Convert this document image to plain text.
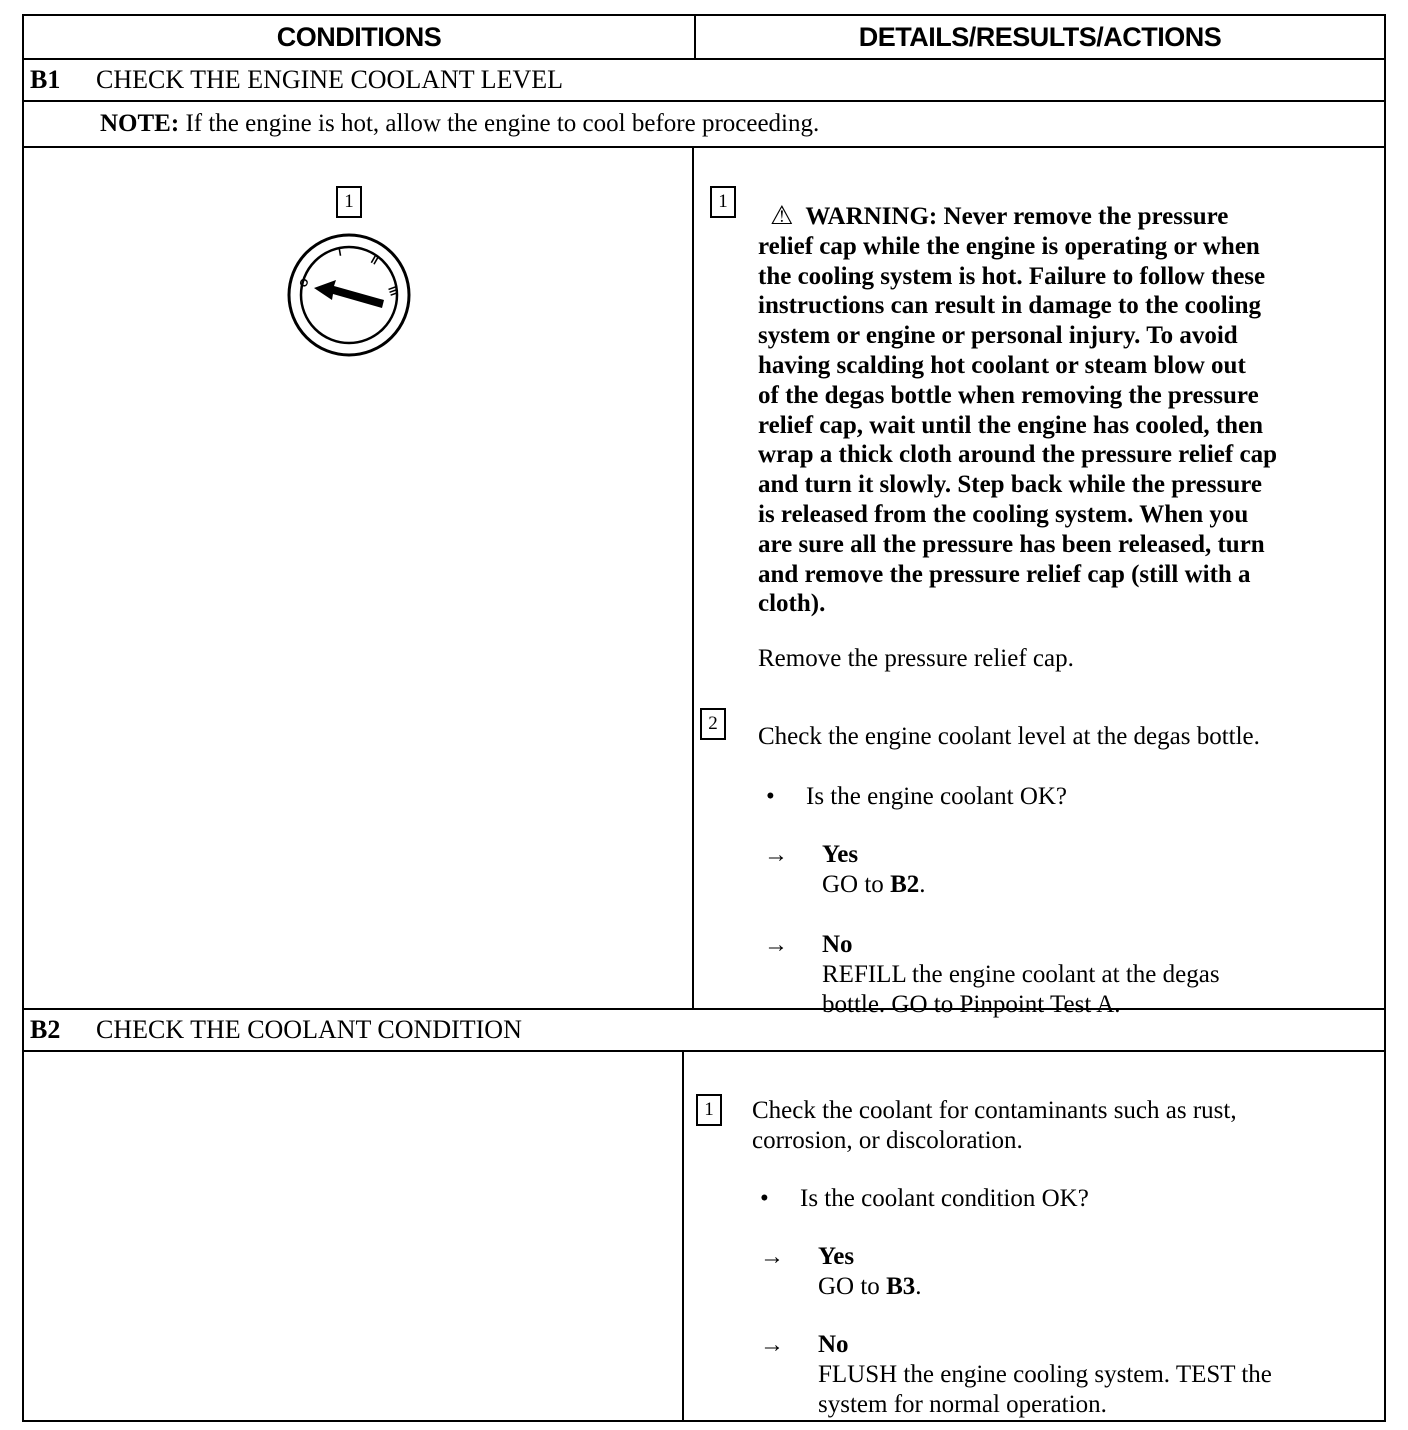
CONDITIONS	DETAILS/RESULTS/ACTIONS
B1 CHECK THE ENGINE COOLANT LEVEL
NOTE: If the engine is hot, allow the engine to cool before proceeding.
1
O
I
II
III
1	⚠ WARNING: Never remove the pressure
relief cap while the engine is operating or when
the cooling system is hot. Failure to follow these
instructions can result in damage to the cooling
system or engine or personal injury. To avoid
having scalding hot coolant or steam blow out
of the degas bottle when removing the pressure
relief cap, wait until the engine has cooled, then
wrap a thick cloth around the pressure relief cap
and turn it slowly. Step back while the pressure
is released from the cooling system. When you
are sure all the pressure has been released, turn
and remove the pressure relief cap (still with a
cloth).
Remove the pressure relief cap.
2	Check the engine coolant level at the degas bottle.
• Is the engine coolant OK?
→ Yes
GO to B2.
→ No
REFILL the engine coolant at the degas
bottle. GO to Pinpoint Test A.
B2 CHECK THE COOLANT CONDITION
1	Check the coolant for contaminants such as rust,
corrosion, or discoloration.
• Is the coolant condition OK?
→ Yes
GO to B3.
→ No
FLUSH the engine cooling system. TEST the
system for normal operation.
